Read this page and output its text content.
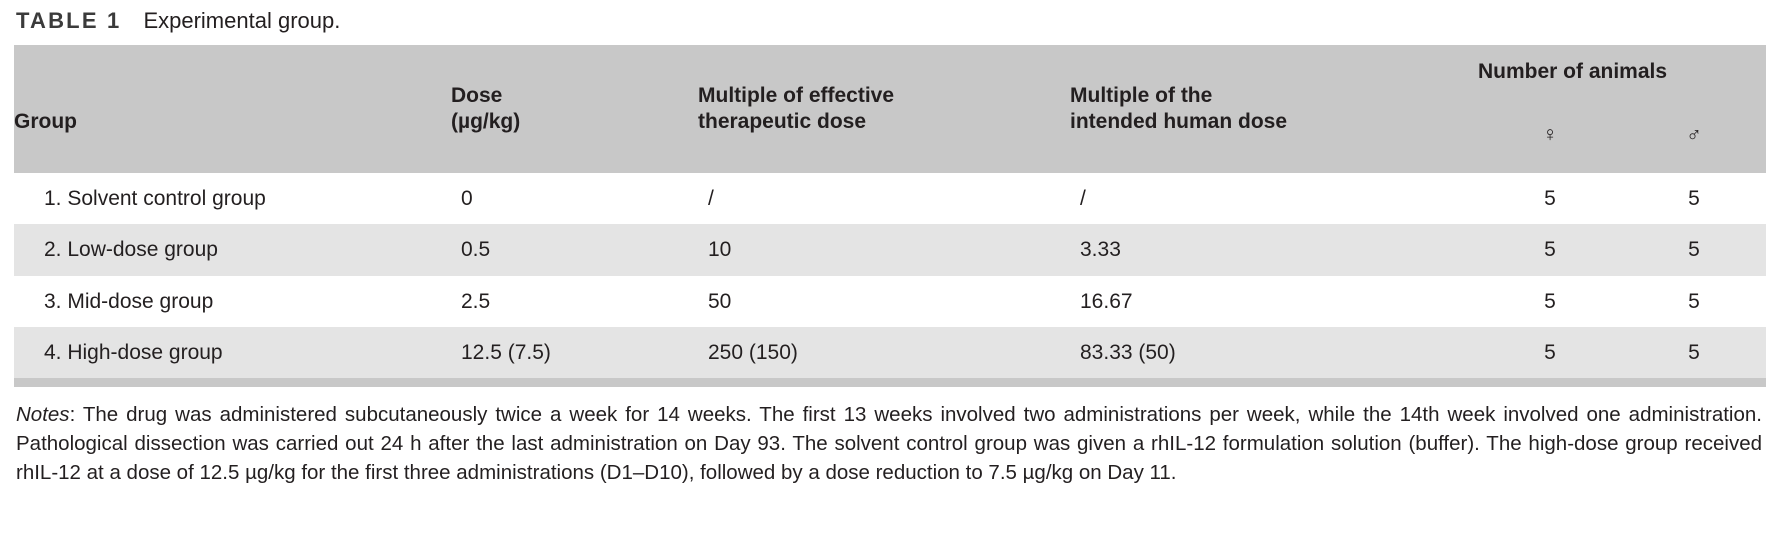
TABLE 1 Experimental group.
Group

Dose
(µg/kg)

Multiple of effective
therapeutic dose

Multiple of the
intended human dose

Number of animals
♀	♂

1. Solvent control group	0	/	/	5	5
2. Low-dose group	0.5	10	3.33	5	5
3. Mid-dose group	2.5	50	16.67	5	5
4. High-dose group	12.5 (7.5)	250 (150)	83.33 (50)	5	5

Notes: The drug was administered subcutaneously twice a week for 14 weeks. The first 13 weeks involved two administrations per week, while the 14th week involved one administration. Pathological dissection was carried out 24 h after the last administration on Day 93. The solvent control group was given a rhIL-12 formulation solution (buffer). The high-dose group received rhIL-12 at a dose of 12.5 µg/kg for the first three administrations (D1–D10), followed by a dose reduction to 7.5 µg/kg on Day 11.
